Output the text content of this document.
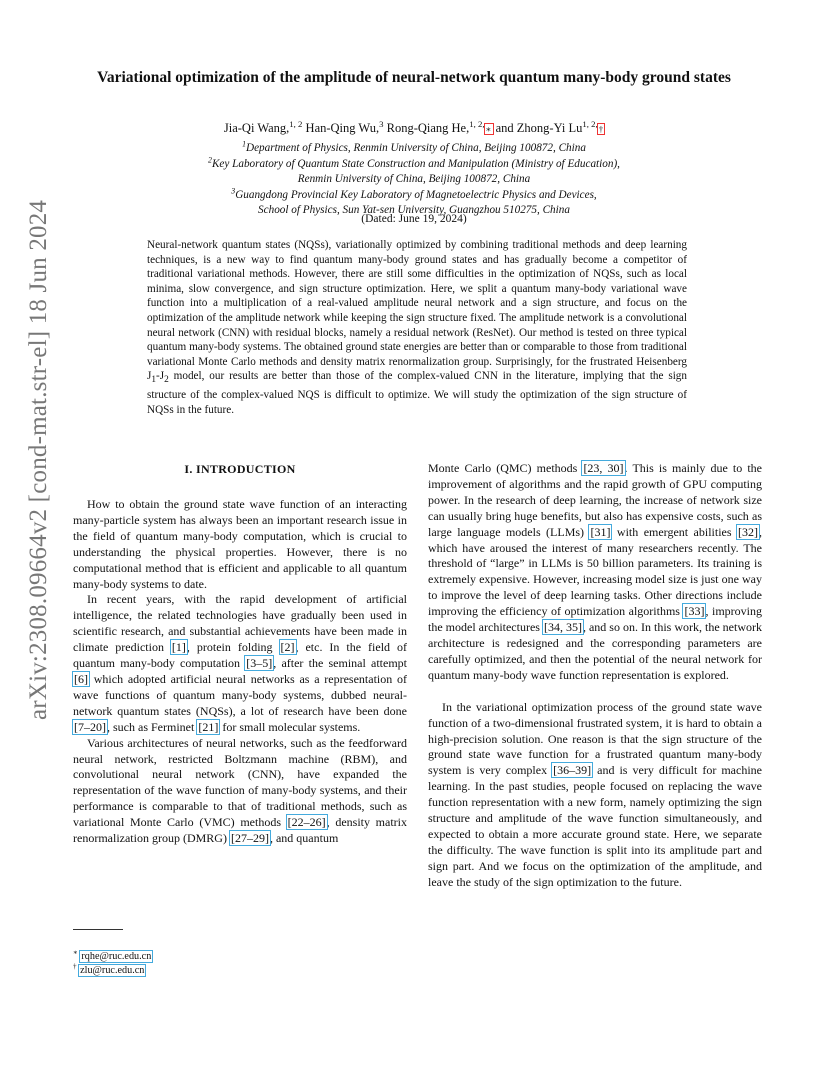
arXiv:2308.09664v2 [cond-mat.str-el] 18 Jun 2024
Variational optimization of the amplitude of neural-network quantum many-body ground states
Jia-Qi Wang,$^{1, 2}$ Han-Qing Wu,$^3$ Rong-Qiang He,$^{1, 2,}$∗ and Zhong-Yi $Lu^{1, 2,}\dagger$
$^1$Department of Physics, Renmin University of China, Beijing 100872, China
$^2$Key Laboratory of Quantum State Construction and Manipulation (Ministry of Education),
Renmin University of China, Beijing 100872, China
$^3$Guangdong Provincial Key Laboratory of Magnetoelectric Physics and Devices,
School of Physics, Sun Yat-sen University, Guangzhou 510275, China
(Dated: June 19, 2024)
Neural-network quantum states (NQSs), variationally optimized by combining traditional methods and deep learning techniques, is a new way to find quantum many-body ground states and has gradually become a competitor of traditional variational methods. However, there are still some difficulties in the optimization of NQSs, such as local minima, slow convergence, and sign structure optimization. Here, we split a quantum many-body variational wave function into a multiplication of a real-valued amplitude neural network and a sign structure, and focus on the optimization of the amplitude network while keeping the sign structure fixed. The amplitude network is a convolutional neural network (CNN) with residual blocks, namely a residual network (ResNet). Our method is tested on three typical quantum many-body systems. The obtained ground state energies are better than or comparable to those from traditional variational Monte Carlo methods and density matrix renormalization group. Surprisingly, for the frustrated Heisenberg $J_1-J_2$ model, our results are better than those of the complex-valued CNN in the literature, implying that the sign structure of the complex-valued NQS is difficult to optimize. We will study the optimization of the sign structure of NQSs in the future.
I. INTRODUCTION

How to obtain the ground state wave function of an interacting many-particle system has always been an important research issue in the field of quantum many-body computation, which is crucial to understanding the physical properties. However, there is no computational method that is efficient and applicable to all quantum many-body systems to date.

In recent years, with the rapid development of artificial intelligence, the related technologies have gradually been used in scientific research, and substantial achievements have been made in climate prediction [1], protein folding [2], etc. In the field of quantum many-body computation [3–5], after the seminal attempt [6] which adopted artificial neural networks as a representation of wave functions of quantum many-body systems, dubbed neural-network quantum states (NQSs), a lot of research have been done [7–20], such as Ferminet [21] for small molecular systems.

Various architectures of neural networks, such as the feedforward neural network, restricted Boltzmann machine (RBM), and convolutional neural network (CNN), have expanded the representation of the wave function of many-body systems, and their performance is comparable to that of traditional methods, such as variational Monte Carlo (VMC) methods [22–26], density matrix renormalization group (DMRG) [27–29], and quantum

Monte Carlo (QMC) methods [23, 30]. This is mainly due to the improvement of algorithms and the rapid growth of GPU computing power. In the research of deep learning, the increase of network size can usually bring huge benefits, but also has expensive costs, such as large language models (LLMs) [31] with emergent abilities [32], which have aroused the interest of many researchers recently. The threshold of “large” in LLMs is 50 billion parameters. Its training is extremely expensive. However, increasing model size is just one way to improve the level of deep learning tasks. Other directions include improving the efficiency of optimization algorithms [33], improving the model architectures [34, 35], and so on. In this work, the network architecture is redesigned and the corresponding parameters are carefully optimized, and then the potential of the neural network for quantum many-body wave function representation is explored.

In the variational optimization process of the ground state wave function of a two-dimensional frustrated system, it is hard to obtain a high-precision solution. One reason is that the sign structure of the ground state wave function for a frustrated quantum many-body system is very complex [36–39] and is very difficult for machine learning. In the past studies, people focused on replacing the wave function representation with a new form, namely optimizing the sign structure and amplitude of the wave function simultaneously, and expected to obtain a more accurate ground state. Here, we separate the difficulty. The wave function is split into its amplitude part and sign part. And we focus on the optimization of the amplitude, and leave the study of the sign optimization to the future.

∗ rqhe@ruc.edu.cn
† zlu@ruc.edu.cn
